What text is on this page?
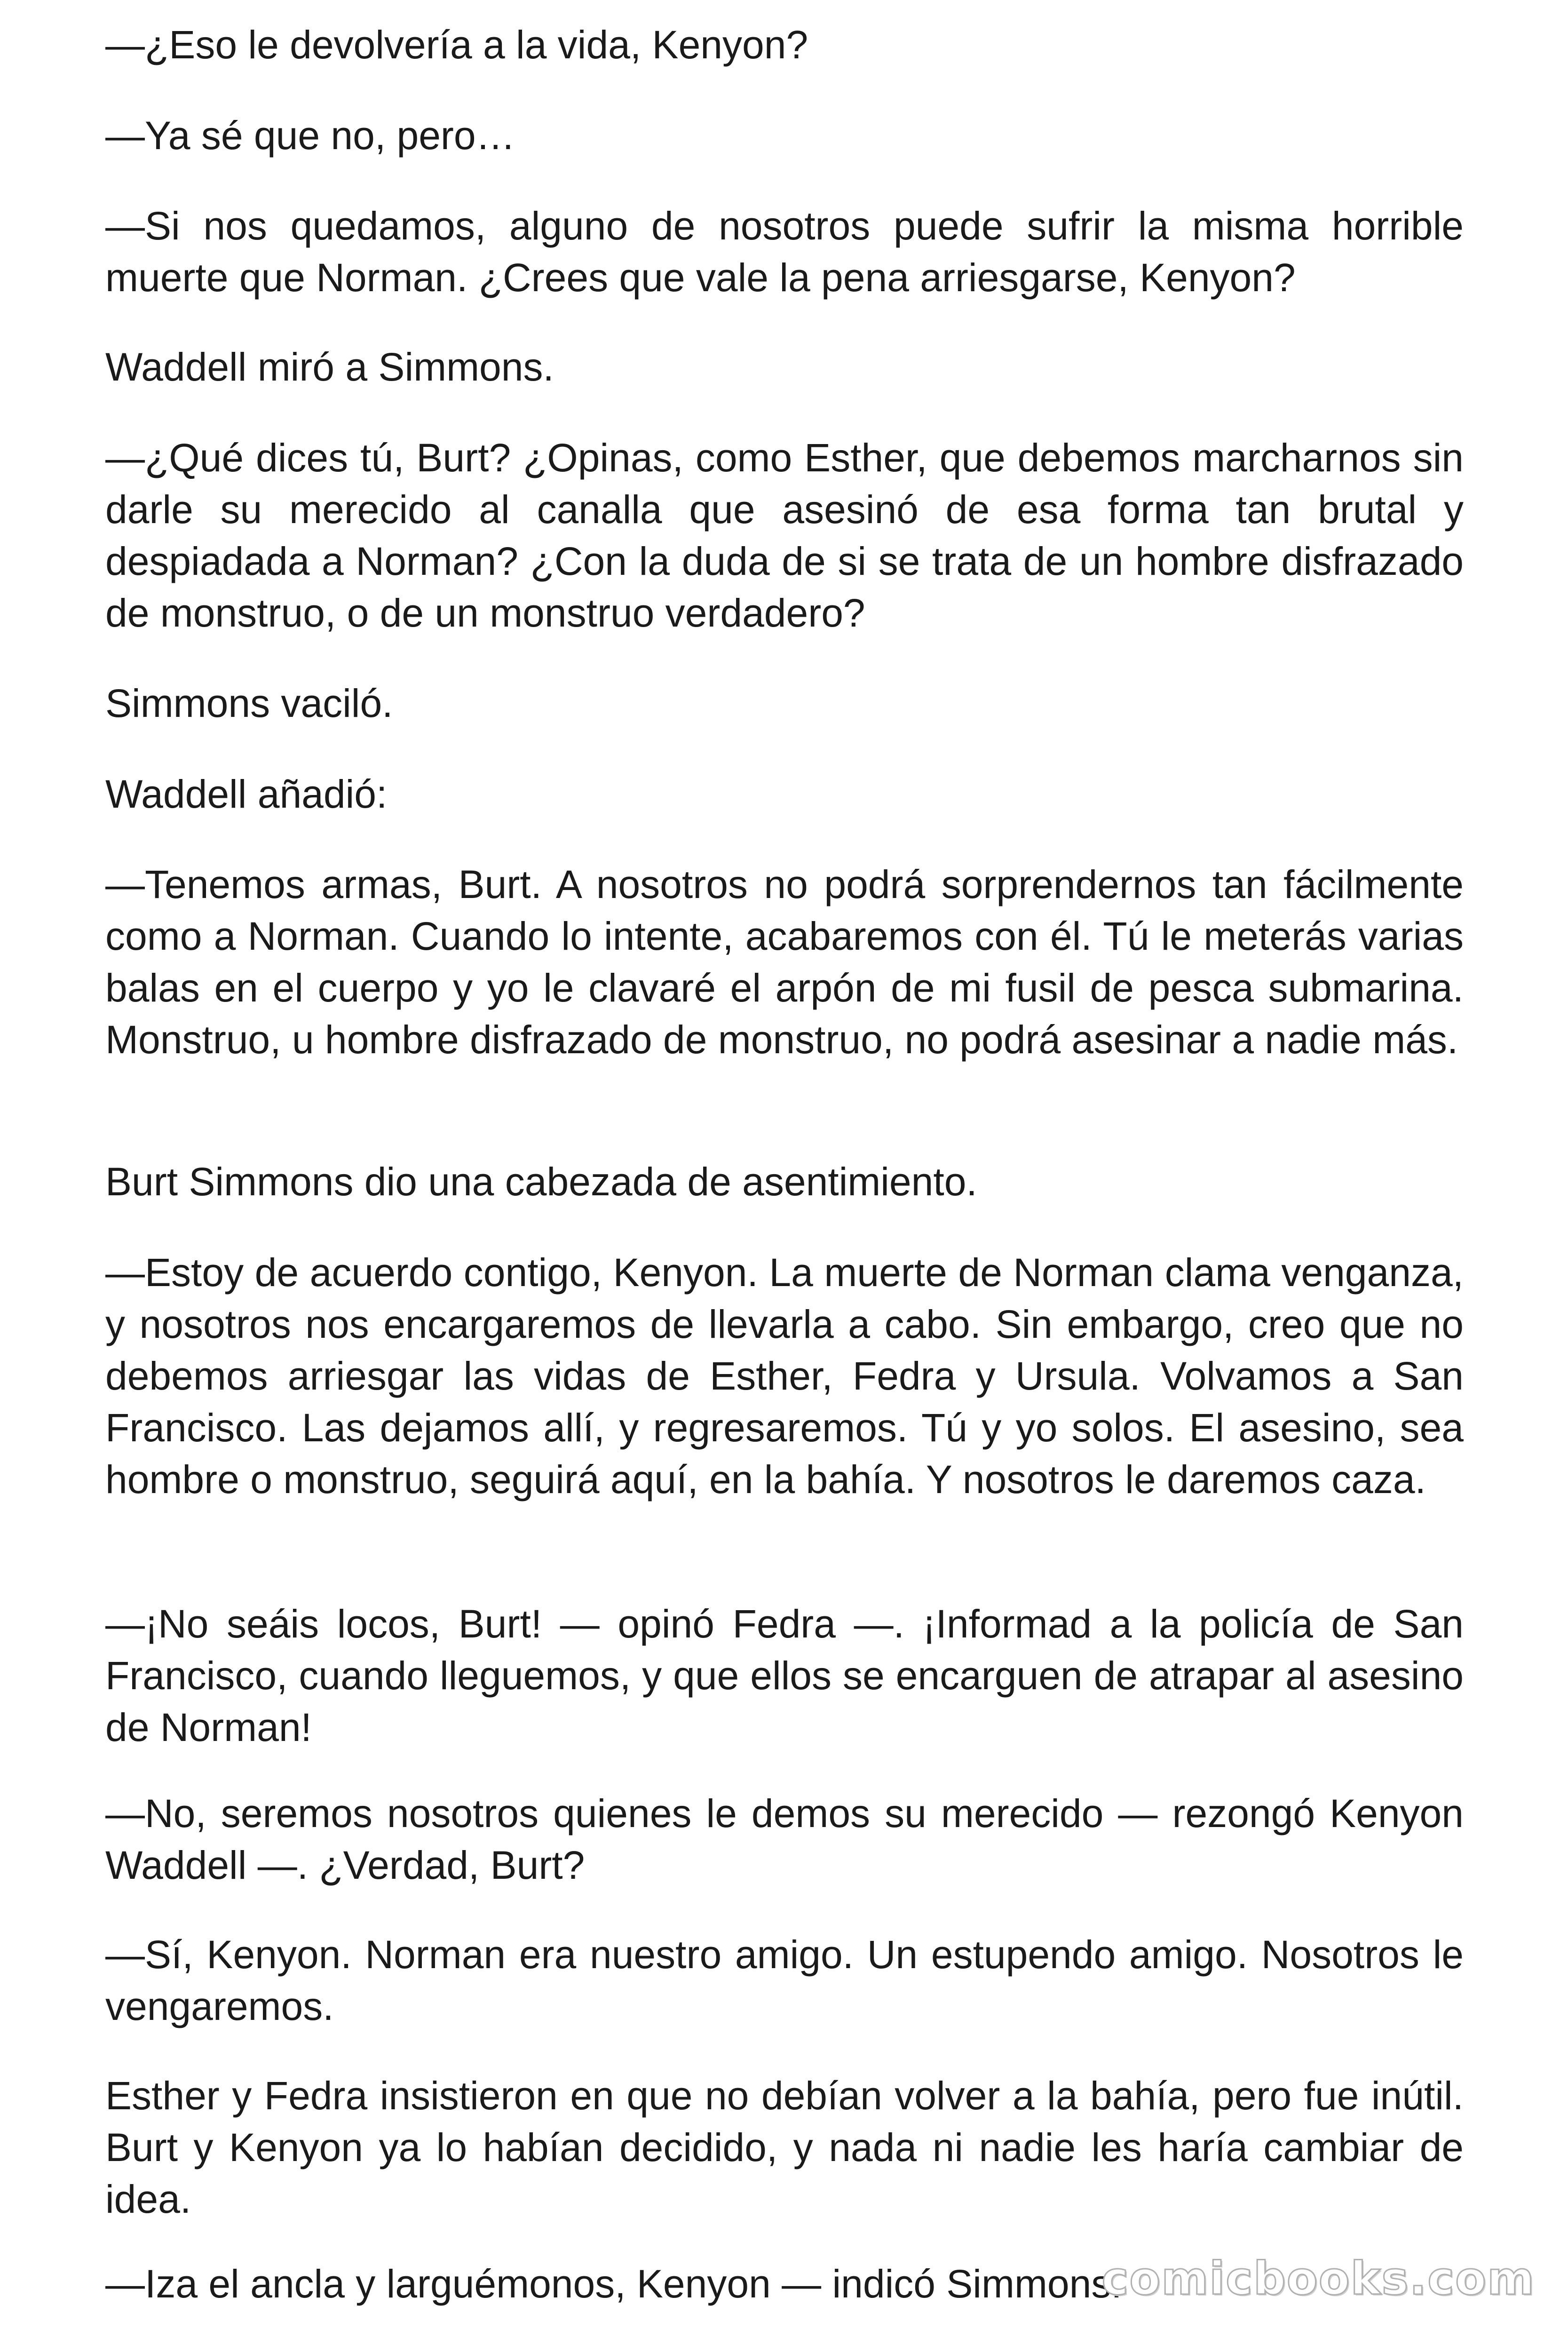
—¿Eso le devolvería a la vida, Kenyon?

—Ya sé que no, pero…

—Si nos quedamos, alguno de nosotros puede sufrir la misma horrible muerte que Norman. ¿Crees que vale la pena arriesgarse, Kenyon?

Waddell miró a Simmons.

—¿Qué dices tú, Burt? ¿Opinas, como Esther, que debemos marcharnos sin darle su merecido al canalla que asesinó de esa forma tan brutal y despiadada a Norman? ¿Con la duda de si se trata de un hombre disfrazado de monstruo, o de un monstruo verdadero?

Simmons vaciló.

Waddell añadió:

—Tenemos armas, Burt. A nosotros no podrá sorprendernos tan fácilmente como a Norman. Cuando lo intente, acabaremos con él. Tú le meterás varias balas en el cuerpo y yo le clavaré el arpón de mi fusil de pesca submarina. Monstruo, u hombre disfrazado de monstruo, no podrá asesinar a nadie más.

Burt Simmons dio una cabezada de asentimiento.

—Estoy de acuerdo contigo, Kenyon. La muerte de Norman clama venganza, y nosotros nos encargaremos de llevarla a cabo. Sin embargo, creo que no debemos arriesgar las vidas de Esther, Fedra y Ursula. Volvamos a San Francisco. Las dejamos allí, y regresaremos. Tú y yo solos. El asesino, sea hombre o monstruo, seguirá aquí, en la bahía. Y nosotros le daremos caza.

—¡No seáis locos, Burt! — opinó Fedra —. ¡Informad a la policía de San Francisco, cuando lleguemos, y que ellos se encarguen de atrapar al asesino de Norman!

—No, seremos nosotros quienes le demos su merecido — rezongó Kenyon Waddell —. ¿Verdad, Burt?

—Sí, Kenyon. Norman era nuestro amigo. Un estupendo amigo. Nosotros le vengaremos.

Esther y Fedra insistieron en que no debían volver a la bahía, pero fue inútil. Burt y Kenyon ya lo habían decidido, y nada ni nadie les haría cambiar de idea.

—Iza el ancla y larguémonos, Kenyon — indicó Simmons.

comicbooks.com
